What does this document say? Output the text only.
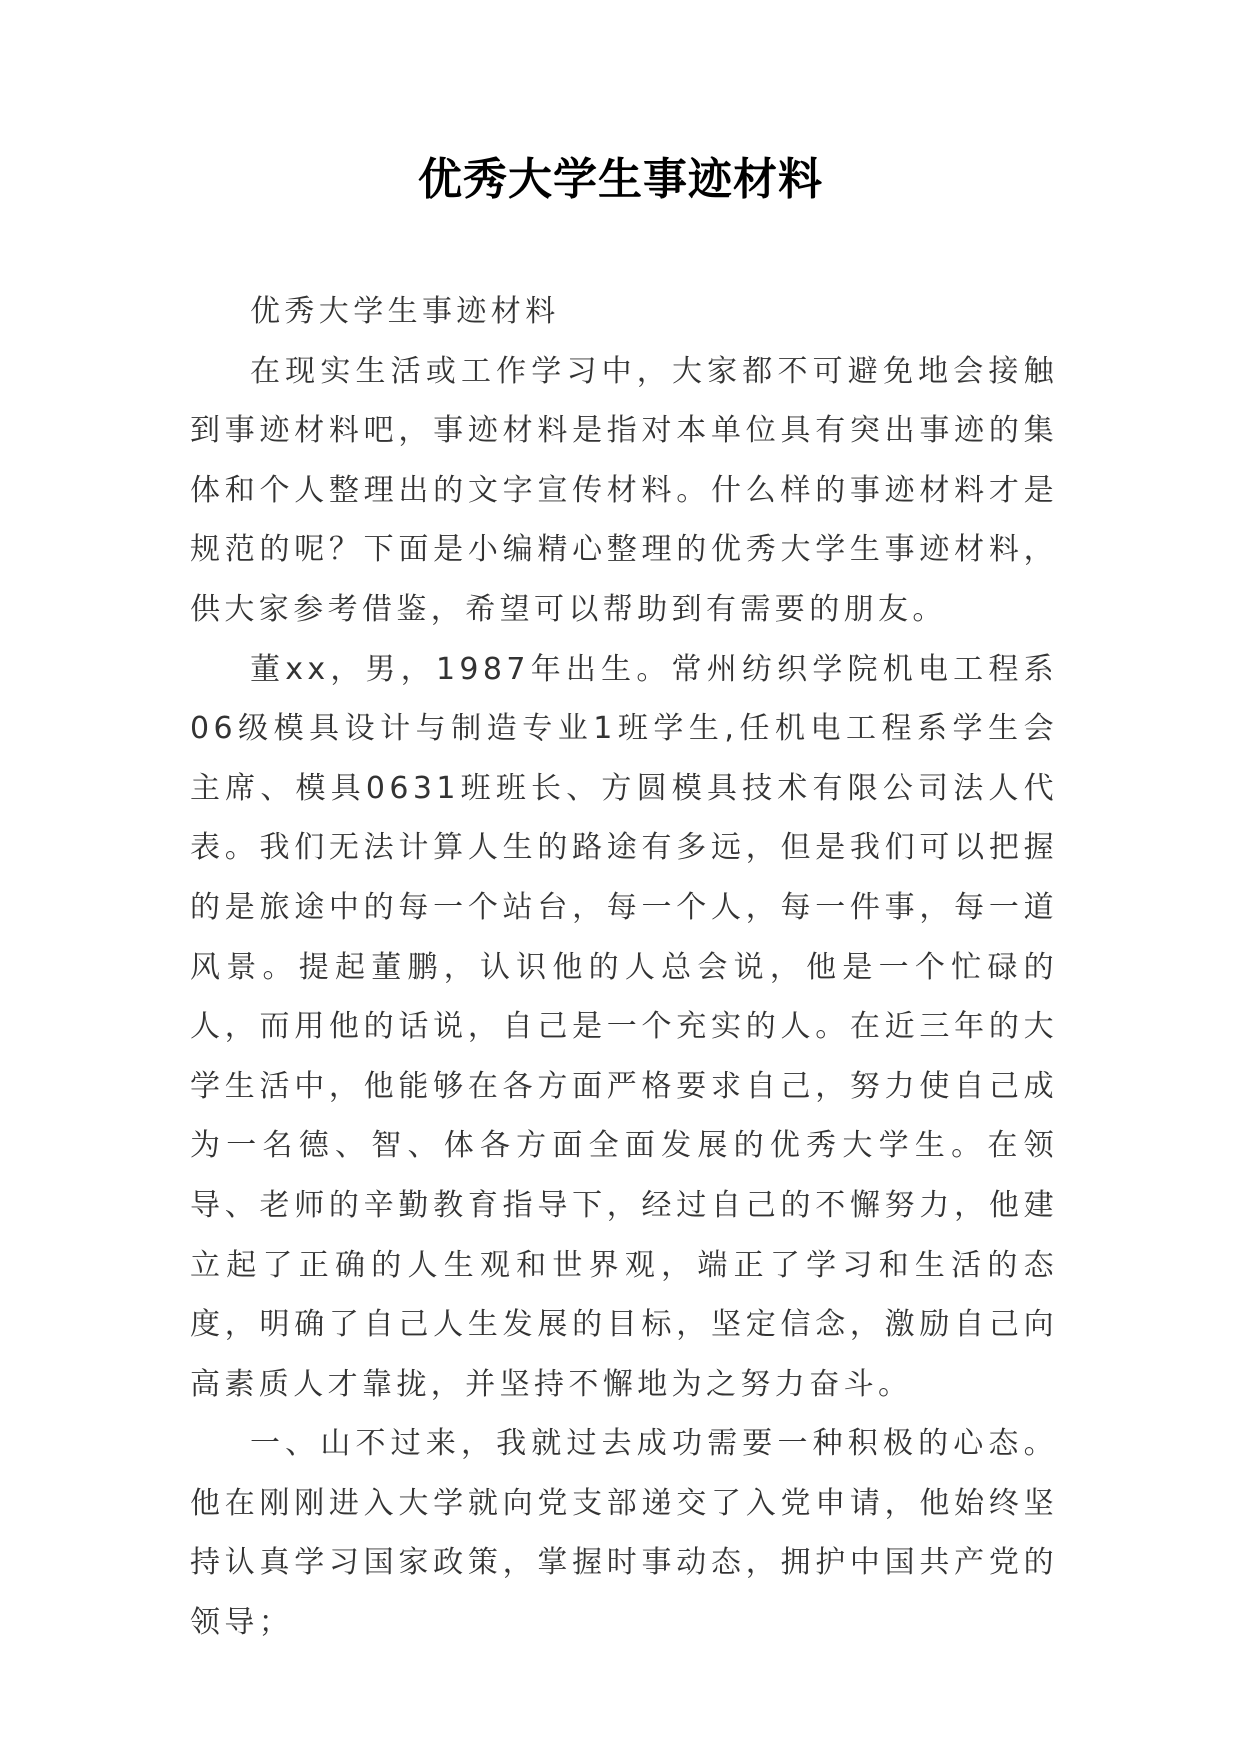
优秀大学生事迹材料

优秀大学生事迹材料

在现实生活或工作学习中，大家都不可避免地会接触到事迹材料吧，事迹材料是指对本单位具有突出事迹的集体和个人整理出的文字宣传材料。什么样的事迹材料才是规范的呢？下面是小编精心整理的优秀大学生事迹材料，供大家参考借鉴，希望可以帮助到有需要的朋友。

董xx，男，1987年出生。常州纺织学院机电工程系06级模具设计与制造专业1班学生,任机电工程系学生会主席、模具0631班班长、方圆模具技术有限公司法人代表。我们无法计算人生的路途有多远，但是我们可以把握的是旅途中的每一个站台，每一个人，每一件事，每一道风景。提起董鹏，认识他的人总会说，他是一个忙碌的人，而用他的话说，自己是一个充实的人。在近三年的大学生活中，他能够在各方面严格要求自己，努力使自己成为一名德、智、体各方面全面发展的优秀大学生。在领导、老师的辛勤教育指导下，经过自己的不懈努力，他建立起了正确的人生观和世界观，端正了学习和生活的态度，明确了自己人生发展的目标，坚定信念，激励自己向高素质人才靠拢，并坚持不懈地为之努力奋斗。

一、山不过来，我就过去成功需要一种积极的心态。他在刚刚进入大学就向党支部递交了入党申请，他始终坚持认真学习国家政策，掌握时事动态，拥护中国共产党的领导；
